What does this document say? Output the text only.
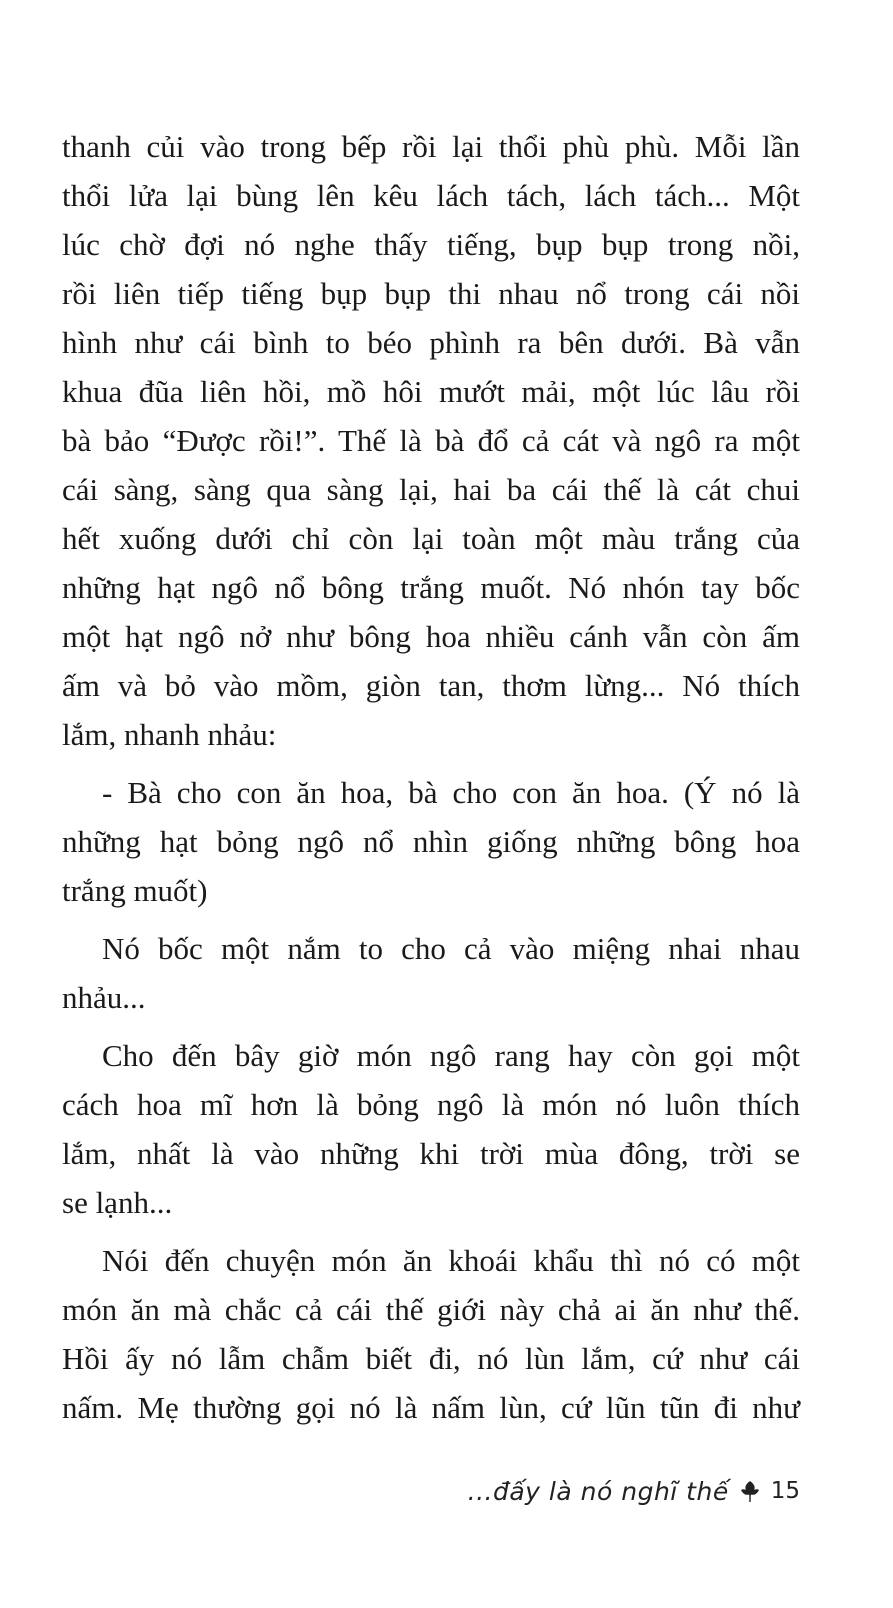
thanh củi vào trong bếp rồi lại thổi phù phù. Mỗi lần
thổi lửa lại bùng lên kêu lách tách, lách tách... Một
lúc chờ đợi nó nghe thấy tiếng, bụp bụp trong nồi,
rồi liên tiếp tiếng bụp bụp thi nhau nổ trong cái nồi
hình như cái bình to béo phình ra bên dưới. Bà vẫn
khua đũa liên hồi, mồ hôi mướt mải, một lúc lâu rồi
bà bảo “Được rồi!”. Thế là bà đổ cả cát và ngô ra một
cái sàng, sàng qua sàng lại, hai ba cái thế là cát chui
hết xuống dưới chỉ còn lại toàn một màu trắng của
những hạt ngô nổ bông trắng muốt. Nó nhón tay bốc
một hạt ngô nở như bông hoa nhiều cánh vẫn còn ấm
ấm và bỏ vào mồm, giòn tan, thơm lừng... Nó thích
lắm, nhanh nhảu:
- Bà cho con ăn hoa, bà cho con ăn hoa. (Ý nó là
những hạt bỏng ngô nổ nhìn giống những bông hoa
trắng muốt)
Nó bốc một nắm to cho cả vào miệng nhai nhau
nhảu...
Cho đến bây giờ món ngô rang hay còn gọi một
cách hoa mĩ hơn là bỏng ngô là món nó luôn thích
lắm, nhất là vào những khi trời mùa đông, trời se
se lạnh...
Nói đến chuyện món ăn khoái khẩu thì nó có một
món ăn mà chắc cả cái thế giới này chả ai ăn như thế.
Hồi ấy nó lẫm chẫm biết đi, nó lùn lắm, cứ như cái
nấm. Mẹ thường gọi nó là nấm lùn, cứ lũn tũn đi như
...đấy là nó nghĩ thế 15
